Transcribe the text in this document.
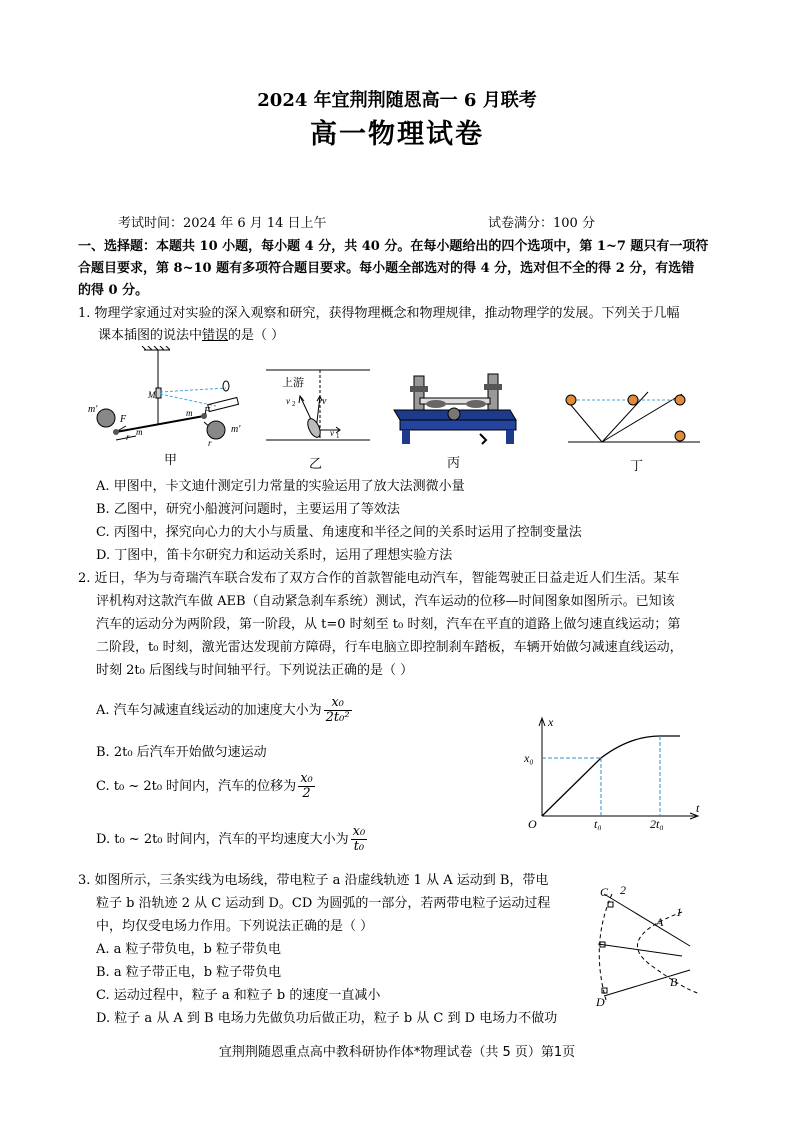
2024 年宜荆荆随恩高一 6 月联考
高一物理试卷
考试时间：2024 年 6 月 14 日上午	试卷满分：100 分
一、选择题：本题共 10 小题，每小题 4 分，共 40 分。在每小题给出的四个选项中，第 1~7 题只有一项符
合题目要求，第 8~10 题有多项符合题目要求。每小题全部选对的得 4 分，选对但不全的得 2 分，有选错
的得 0 分。
1. 物理学家通过对实验的深入观察和研究，获得物理概念和物理规律，推动物理学的发展。下列关于几幅
课本插图的说法中错误的是（ ）
m′
F
r m
M
m F
r
m′
甲
上游
v 2	v
v 1
乙	丙	丁
A. 甲图中，卡文迪什测定引力常量的实验运用了放大法测微小量
B. 乙图中，研究小船渡河问题时，主要运用了等效法
C. 丙图中，探究向心力的大小与质量、角速度和半径之间的关系时运用了控制变量法
D. 丁图中，笛卡尔研究力和运动关系时，运用了理想实验方法
2. 近日，华为与奇瑞汽车联合发布了双方合作的首款智能电动汽车，智能驾驶正日益走近人们生活。某车
评机构对这款汽车做 AEB（自动紧急刹车系统）测试，汽车运动的位移—时间图象如图所示。已知该
汽车的运动分为两阶段，第一阶段，从 t=0 时刻至 t₀ 时刻，汽车在平直的道路上做匀速直线运动；第
二阶段，t₀ 时刻，激光雷达发现前方障碍，行车电脑立即控制刹车踏板，车辆开始做匀减速直线运动，
时刻 2t₀ 后图线与时间轴平行。下列说法正确的是（ ）
A. 汽车匀减速直线运动的加速度大小为 $\frac{\text{x₀}}{\text{2t₀²}}$
B. 2t₀ 后汽车开始做匀速运动
C. t₀ ~ 2t₀ 时间内，汽车的位移为 $\frac{\text{x₀}}{2}$
D. t₀ ~ 2t₀ 时间内，汽车的平均速度大小为 $\frac{\text{x₀}}{\text{t₀}}$
x
t
O
x₀
t₀	2t₀
3. 如图所示，三条实线为电场线，带电粒子 a 沿虚线轨迹 1 从 A 运动到 B，带电
粒子 b 沿轨迹 2 从 C 运动到 D。CD 为圆弧的一部分，若两带电粒子运动过程
中，均仅受电场力作用。下列说法正确的是（ ）
A. a 粒子带负电，b 粒子带负电
B. a 粒子带正电，b 粒子带负电
C. 运动过程中，粒子 a 和粒子 b 的速度一直减小
D. 粒子 a 从 A 到 B 电场力先做负功后做正功，粒子 b 从 C 到 D 电场力不做功
C 2
A
1
B
D
宜荆荆随恩重点高中教科研协作体*物理试卷（共 5 页）第1页
